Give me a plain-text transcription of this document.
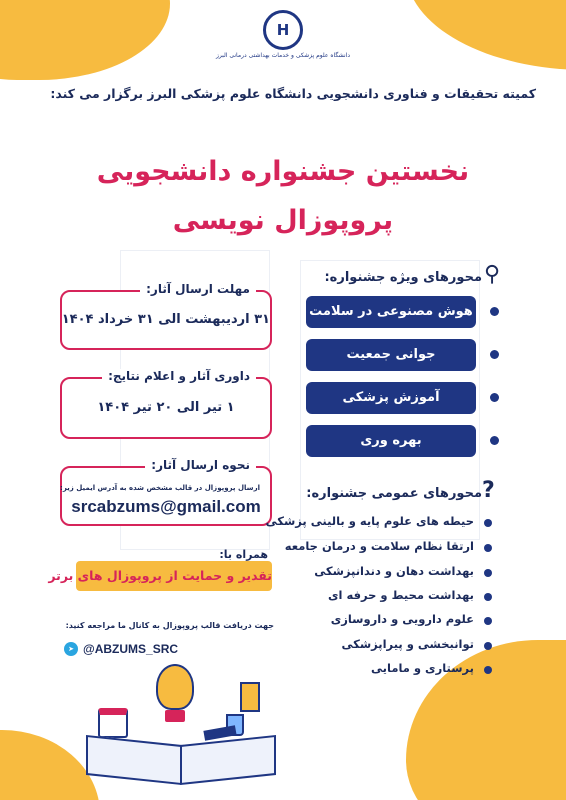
H
دانشگاه علوم پزشکی و خدمات بهداشتی درمانی البرز
کمیته تحقیقات و فناوری دانشجویی دانشگاه علوم پزشکی البرز برگزار می کند:
نخستین جشنواره دانشجویی
پروپوزال نویسی
مهلت ارسال آثار:
۳۱ اردیبهشت الی ۳۱ خرداد ۱۴۰۴
داوری آثار و اعلام نتایج:
۱ تیر الی ۲۰ تیر ۱۴۰۴
نحوه ارسال آثار:
ارسال پروپوزال در قالب مشخص شده به آدرس ایمیل زیر:
srcabzums@gmail.com
همراه با:
تقدیر و حمایت از پروپوزال های برتر
جهت دریافت قالب پروپوزال به کانال ما مراجعه کنید:
➤ @ABZUMS_SRC
⚲
محورهای ویژه جشنواره:
هوش مصنوعی در سلامت
جوانی جمعیت
آموزش پزشکی
بهره وری
?
محورهای عمومی جشنواره:
حیطه های علوم پایه و بالینی پزشکی
ارتقا نظام سلامت و درمان جامعه
بهداشت دهان و دندانپزشکی
بهداشت محیط و حرفه ای
علوم دارویی و داروسازی
توانبخشی و پیراپزشکی
پرستاری و مامایی
